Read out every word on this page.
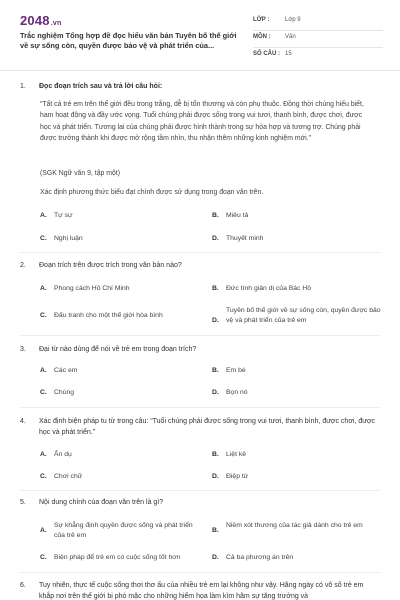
2048.vn
Trắc nghiệm Tổng hợp đề đọc hiểu văn bản Tuyên bố thế giới về sự sống còn, quyền được bảo vệ và phát triển của...
LỚP :	Lớp 9
MÔN : Văn
SỐ CÂU : 15
1. Đọc đoạn trích sau và trả lời câu hỏi:
“Tất cả trẻ em trên thế giới đều trong trắng, dễ bị tổn thương và còn phụ thuộc. Đồng thời chúng hiếu biết, ham hoạt động và đầy ước vọng. Tuổi chúng phải được sống trong vui tươi, thanh bình, được chơi, được học và phát triển. Tương lai của chúng phải được hình thành trong sự hòa hợp và tương trợ. Chúng phải được trưởng thành khi được mở rộng tầm nhìn, thu nhận thêm những kinh nghiệm mới.”
(SGK Ngữ văn 9, tập một)
Xác định phương thức biểu đạt chính được sử dụng trong đoạn văn trên.
A. Tự sự	B. Miêu tả
C. Nghị luận	D. Thuyết minh
2. Đoạn trích trên được trích trong văn bản nào?
A. Phong cách Hồ Chí Minh	B. Đức tính giản dị của Bác Hồ
C. Đấu tranh cho một thế giới hòa bình
D.
Tuyên bố thế giới về sự sống còn, quyền được bảo vệ và phát triển của trẻ em
3. Đại từ nào dùng để nói về trẻ em trong đoạn trích?
A. Các em	B. Em bé
C. Chúng	D. Bọn nó
4. Xác định biện pháp tu từ trong câu: “Tuổi chúng phải được sống trong vui tươi, thanh bình, được chơi, được học và phát triển.”
A. Ẩn dụ	B. Liệt kê
C. Chơi chữ	D. Điệp từ
5. Nội dung chính của đoạn văn trên là gì?
A.
Sự khẳng định quyền được sống và phát triển của trẻ em
B.
Niềm xót thương của tác giả dành cho trẻ em
C. Biện pháp để trẻ em có cuộc sống tốt hơn	D. Cả ba phương án trên
6. Tuy nhiên, thực tế cuộc sống thơi thơ ấu của nhiều trẻ em lại không như vậy. Hằng ngày có vô số trẻ em khắp nơi trên thế giới bị phó mặc cho những hiểm họa làm kìm hãm sự tăng trưởng và
